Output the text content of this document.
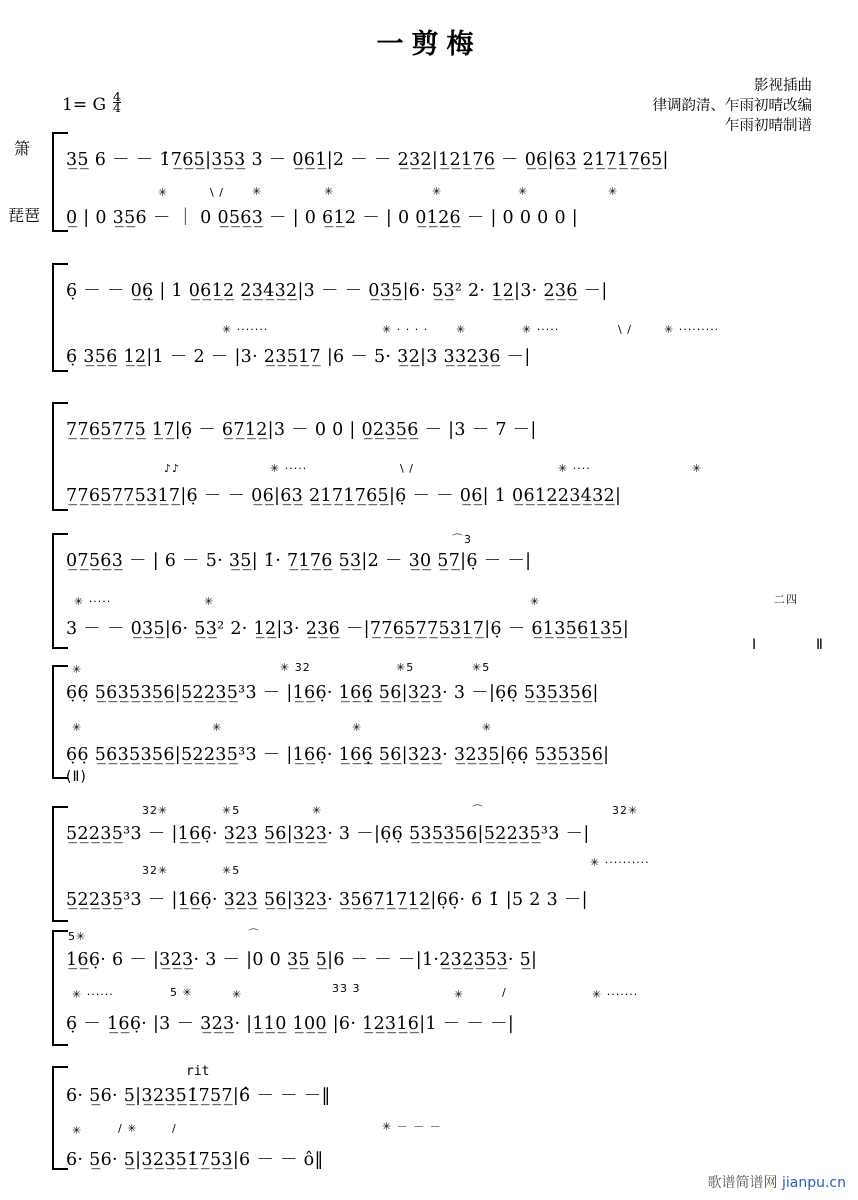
一剪梅
影视插曲
律调韵清、乍雨初晴改编
乍雨初晴制谱
1= G $\frac{4}{4}$
箫
琵琶
3̲5̲ 6 － － 1̇7̲6̲5̲|3̲5̲3̲ 3 － 0̲6̲1̲|2 － － 2̲3̲2̲|1̲2̲1̲7̲6̲ － 0̲6̲|6̲3̲ 2̲1̲7̲1̲7̲6̲5̲|
✳	\ /	✳	✳	✳	✳	✳
0̲ | 0 3̲5̲6 － ｜ 0 0̲5̲6̲3̲ － | 0 6̲1̲2 － | 0 0̲1̲2̲6̲ － | 0 0 0 0 |
6̣ － － 0̲6̣̲ | 1 0̲6̲1̲2̲ 2̲3̲4̲3̲2̲|3 － － 0̲3̲5̲|6· 5̲3̲² 2· 1̲2̲|3· 2̲3̲6̲ －|
✳ ·······	✳ · · · ·	✳	✳ ·····	\ /	✳ ·········
6̣ 3̲5̲6̲ 1̲2̲|1 － 2 － |3· 2̲3̲5̲1̲7̲ |6 － 5· 3̲2̲|3 3̲3̲2̲3̲6̲ －|
7̲7̲6̲5̲7̲7̲5̲ 1̲7̲|6̣ － 6̲7̲1̲2̲|3 － 0 0 | 0̲2̲3̲5̲6̲ － |3 － 7 －|
♪♪	✳ ·····	\ /	✳ ····	✳
7̲7̲6̲5̲7̲7̲5̲3̲1̲7̲|6̣ － － 0̲6̲|6̲3̲ 2̲1̲7̲1̲7̲6̲5̲|6̣ － － 0̲6̲| 1 0̲6̲1̲2̲2̲3̲4̲3̲2̲|
⌒3
0̲7̲5̲6̲3̲ － | 6 － 5· 3̲5̲| 1̇· 7̲1̲7̲6̲ 5̲3̲|2 － 3̲0̲ 5̲7̲|6̣ － －|
✳ ·····	✳	✳	二四
3 － － 0̲3̲5̲|6· 5̲3̲² 2· 1̲2̲|3· 2̲3̲6̲ －|7̲7̲6̲5̲7̲7̲5̲3̲1̲7̲|6̣ － 6̲1̲3̲5̲6̲1̲3̲5̲|
Ⅰ	Ⅱ
✳	✳ 32	✳5	✳5
6̣6̣ 5̲6̲3̲5̲3̲5̲6̲|5̲2̲2̲3̲5̲³3 － |1̲6̲6̣· 1̲6̲6̣̲ 5̲6̲|3̲2̲3̲· 3 －|6̣6̣ 5̲3̲5̲3̲5̲6̲|
✳	✳	✳	✳
6̣6̣ 5̲6̲3̲5̲3̲5̲6̲|5̲2̲2̲3̲5̲³3 － |1̲6̲6̣· 1̲6̲6̣̲ 5̲6̲|3̲2̲3̲· 3̲2̲3̲5̲|6̣6̣ 5̲3̲5̲3̲5̲6̲|
(Ⅱ)
32✳	✳5	✳	⌒	32✳
5̲2̲2̲3̲5̲³3 － |1̲6̲6̣· 3̲2̲3̲ 5̲6̲|3̲2̲3̲· 3 －|6̣6̣ 5̲3̲5̲3̲5̲6̲|5̲2̲2̲3̲5̲³3 －|
32✳	✳5
✳ ··········
5̲2̲2̲3̲5̲³3 － |1̲6̲6̣· 3̲2̲3̲ 5̲6̲|3̲2̲3̲· 3̲5̲6̲7̲1̲7̲1̲2̲|6̣6̣· 6 1̇ |5 2 3 －|
5✳	⌒
1̲6̲6̣· 6 － |3̲2̲3̲· 3 － |0 0 3̲5̲ 5̲|6 － － －|1·2̲3̲2̲3̲5̲3̲· 5̲|
✳ ······	5 ✳	✳	33 3	✳	/	✳ ·······
6̣ － 1̲6̲6̣· |3 － 3̲2̲3̲· |1̲1̲0̲ 1̲0̲0̲ |6· 1̲2̲3̲1̲6̲|1 － － －|
rit
6· 5̲6· 5̲|3̲2̲3̲5̲1̲̇7̲5̲7̲|6̂ － － －‖
✳	/ ✳	/	✳ － － －
6· 5̲6· 5̲|3̲2̲3̲5̲1̲̇7̲5̲3̲|6 － － ô‖
歌谱简谱网 jianpu.cn
